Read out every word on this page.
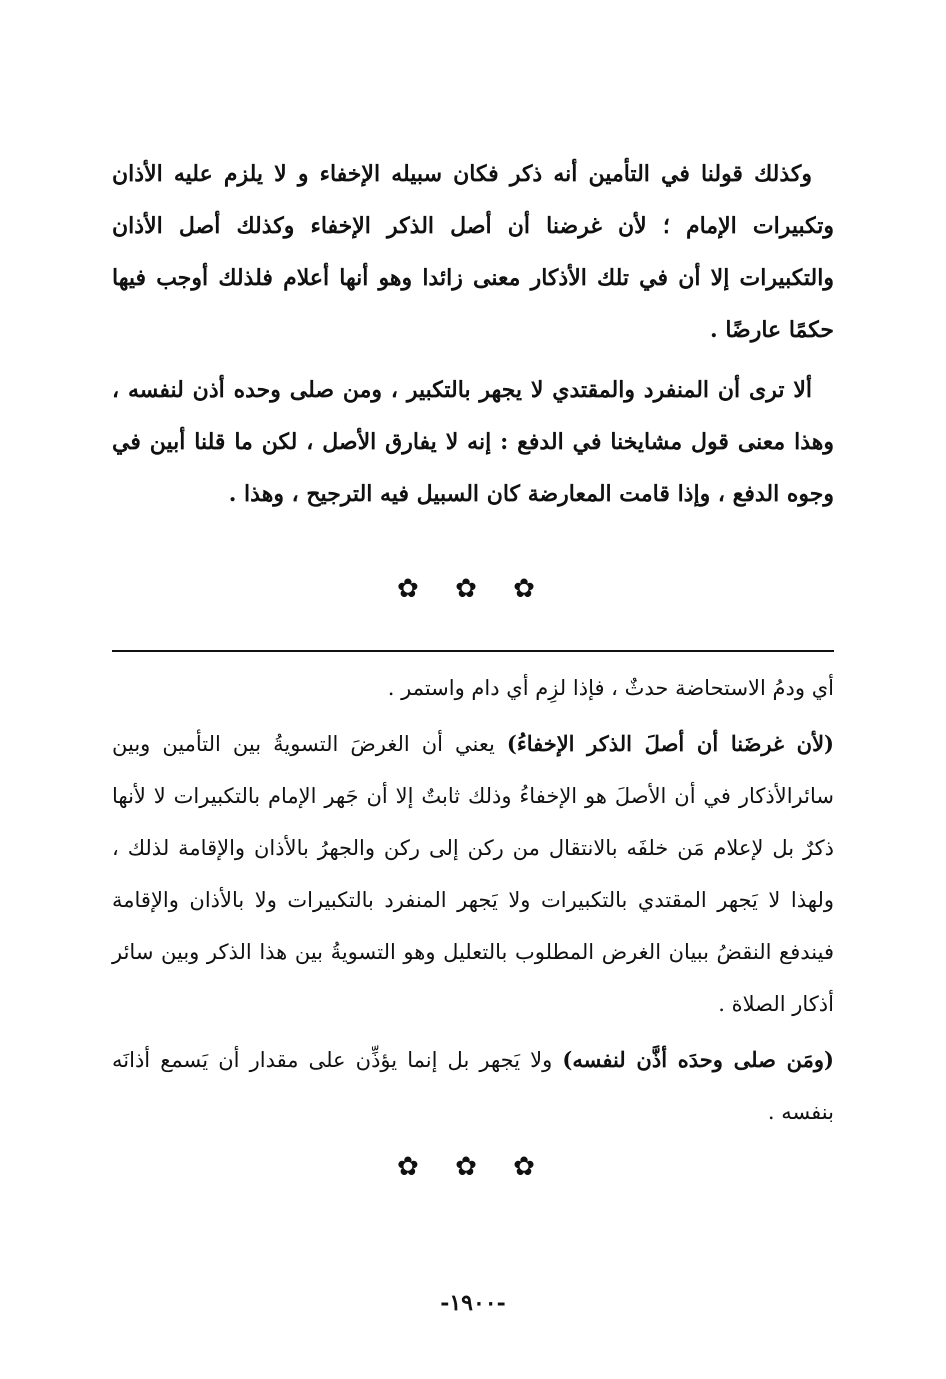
وكذلك قولنا في التأمين أنه ذكر فكان سبيله الإخفاء و لا يلزم عليه الأذان وتكبيرات الإمام ؛ لأن غرضنا أن أصل الذكر الإخفاء وكذلك أصل الأذان والتكبيرات إلا أن في تلك الأذكار معنى زائدا وهو أنها أعلام فلذلك أوجب فيها حكمًا عارضًا .

ألا ترى أن المنفرد والمقتدي لا يجهر بالتكبير ، ومن صلى وحده أذن لنفسه ، وهذا معنى قول مشايخنا في الدفع : إنه لا يفارق الأصل ، لكن ما قلنا أبين في وجوه الدفع ، وإذا قامت المعارضة كان السبيل فيه الترجيح ، وهذا .

✿ ✿ ✿

أي ودمُ الاستحاضة حدثٌ ، فإذا لزِم أي دام واستمر .

(لأن غرضَنا أن أصلَ الذكر الإخفاءُ) يعني أن الغرضَ التسويةُ بين التأمين وبين سائرالأذكار في أن الأصلَ هو الإخفاءُ وذلك ثابتٌ إلا أن جَهر الإمام بالتكبيرات لا لأنها ذكرٌ بل لإعلام مَن خلفَه بالانتقال من ركن إلى ركن والجهرُ بالأذان والإقامة لذلك ، ولهذا لا يَجهر المقتدي بالتكبيرات ولا يَجهر المنفرد بالتكبيرات ولا بالأذان والإقامة فيندفع النقضُ ببيان الغرض المطلوب بالتعليل وهو التسويةُ بين هذا الذكر وبين سائر أذكار الصلاة .

(ومَن صلى وحدَه أذَّن لنفسه) ولا يَجهر بل إنما يؤذِّن على مقدار أن يَسمع أذانَه بنفسه .

✿ ✿ ✿
-١٩٠٠-
